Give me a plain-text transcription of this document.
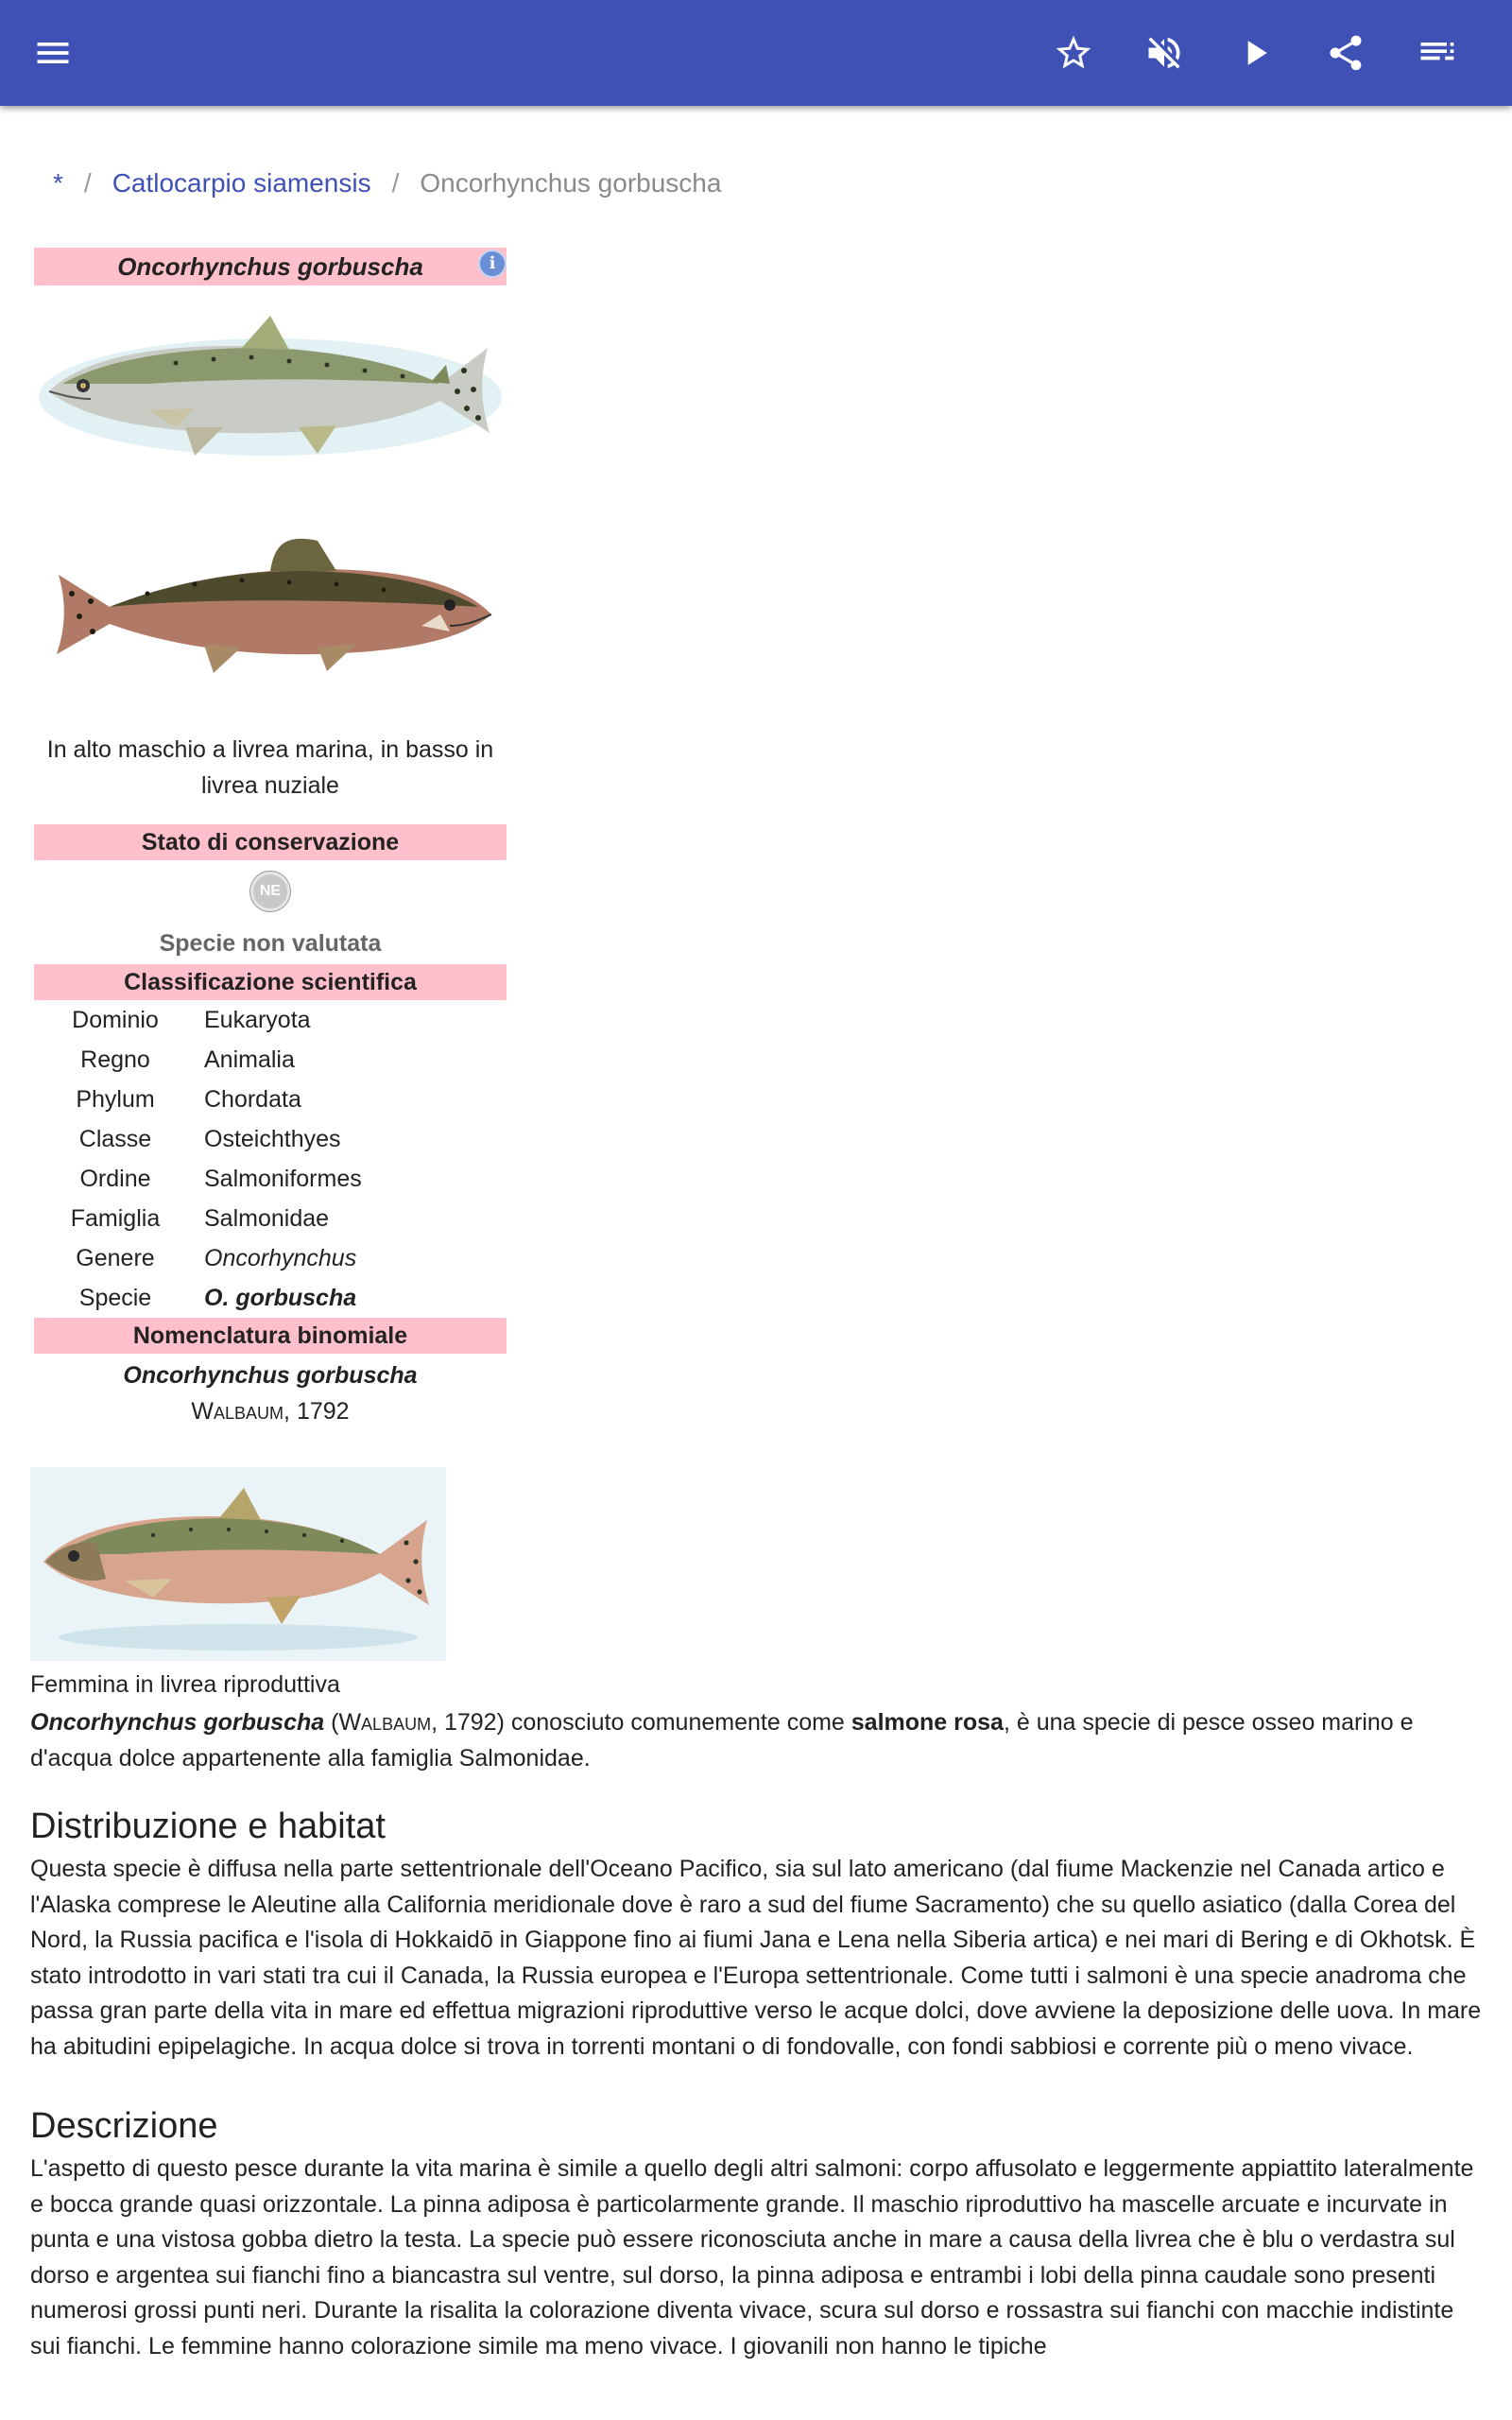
* / Catlocarpio siamensis / Oncorhynchus gorbuscha
Oncorhynchus gorbuscha	i
In alto maschio a livrea marina, in basso in livrea nuziale
Stato di conservazione
NE
Specie non valutata
Classificazione scientifica
Dominio	Eukaryota
Regno	Animalia
Phylum	Chordata
Classe	Osteichthyes
Ordine	Salmoniformes
Famiglia	Salmonidae
Genere	Oncorhynchus
Specie	O. gorbuscha
Nomenclatura binomiale
Oncorhynchus gorbuscha
Walbaum, 1792
Femmina in livrea riproduttiva

Oncorhynchus gorbuscha (Walbaum, 1792) conosciuto comunemente come salmone rosa, è una specie di pesce osseo marino e d'acqua dolce appartenente alla famiglia Salmonidae.

Distribuzione e habitat

Questa specie è diffusa nella parte settentrionale dell'Oceano Pacifico, sia sul lato americano (dal fiume Mackenzie nel Canada artico e l'Alaska comprese le Aleutine alla California meridionale dove è raro a sud del fiume Sacramento) che su quello asiatico (dalla Corea del Nord, la Russia pacifica e l'isola di Hokkaidō in Giappone fino ai fiumi Jana e Lena nella Siberia artica) e nei mari di Bering e di Okhotsk. È stato introdotto in vari stati tra cui il Canada, la Russia europea e l'Europa settentrionale. Come tutti i salmoni è una specie anadroma che passa gran parte della vita in mare ed effettua migrazioni riproduttive verso le acque dolci, dove avviene la deposizione delle uova. In mare ha abitudini epipelagiche. In acqua dolce si trova in torrenti montani o di fondovalle, con fondi sabbiosi e corrente più o meno vivace.

Descrizione

L'aspetto di questo pesce durante la vita marina è simile a quello degli altri salmoni: corpo affusolato e leggermente appiattito lateralmente e bocca grande quasi orizzontale. La pinna adiposa è particolarmente grande. Il maschio riproduttivo ha mascelle arcuate e incurvate in punta e una vistosa gobba dietro la testa. La specie può essere riconosciuta anche in mare a causa della livrea che è blu o verdastra sul dorso e argentea sui fianchi fino a biancastra sul ventre, sul dorso, la pinna adiposa e entrambi i lobi della pinna caudale sono presenti numerosi grossi punti neri. Durante la risalita la colorazione diventa vivace, scura sul dorso e rossastra sui fianchi con macchie indistinte sui fianchi. Le femmine hanno colorazione simile ma meno vivace. I giovanili non hanno le tipiche
